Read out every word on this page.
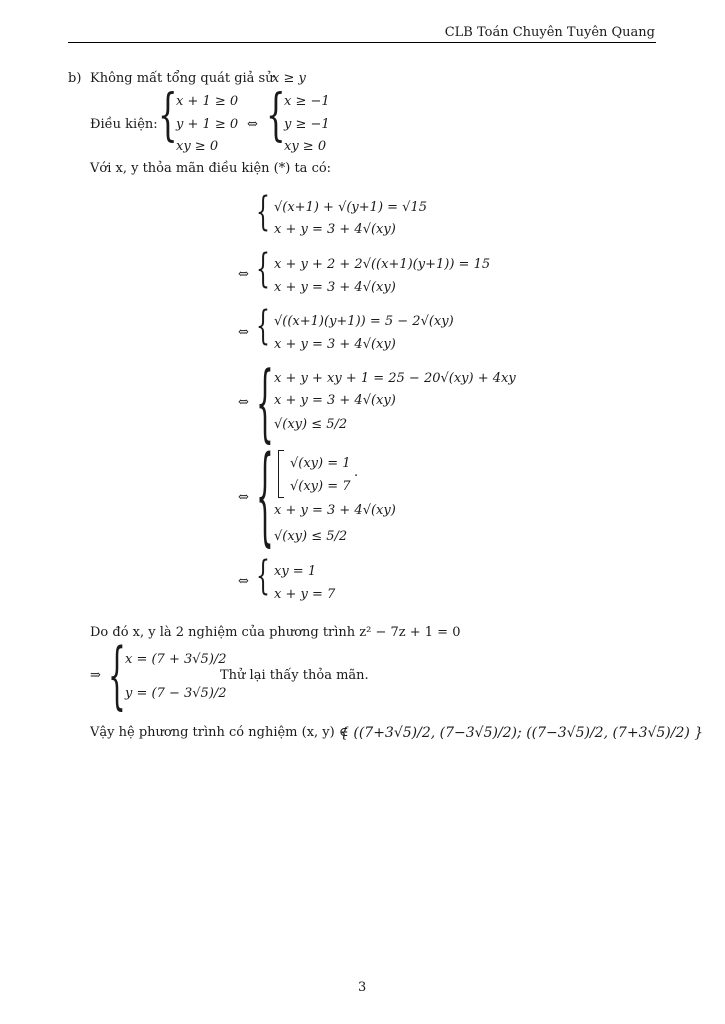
CLB Toán Chuyên Tuyên Quang
b) Không mất tổng quát giả sử
x ≥ y
Điều kiện: {
x + 1 ≥ 0
y + 1 ≥ 0
xy ≥ 0
⇔ {
x ≥ −1
y ≥ −1
xy ≥ 0
Với x, y thỏa mãn điều kiện (*) ta có:
{ √(x+1) + √(y+1) = √15
x + y = 3 + 4√(xy)
⇔ { x + y + 2 + 2√((x+1)(y+1)) = 15
x + y = 3 + 4√(xy)
⇔ { √((x+1)(y+1)) = 5 − 2√(xy)
x + y = 3 + 4√(xy)
⇔ { x + y + xy + 1 = 25 − 20√(xy) + 4xy
x + y = 3 + 4√(xy)
√(xy) ≤ 5/2
⇔ { √(xy) = 1
√(xy) = 7
.
x + y = 3 + 4√(xy)
√(xy) ≤ 5/2
⇔ { xy = 1
x + y = 7
Do đó x, y là 2 nghiệm của phương trình z² − 7z + 1 = 0
⇒ { x = (7 + 3√5)/2
y = (7 − 3√5)/2
Thử lại thấy thỏa mãn.
Vậy hệ phương trình có nghiệm (x, y) ∈
{ ((7+3√5)/2, (7−3√5)/2); ((7−3√5)/2, (7+3√5)/2) }
3
